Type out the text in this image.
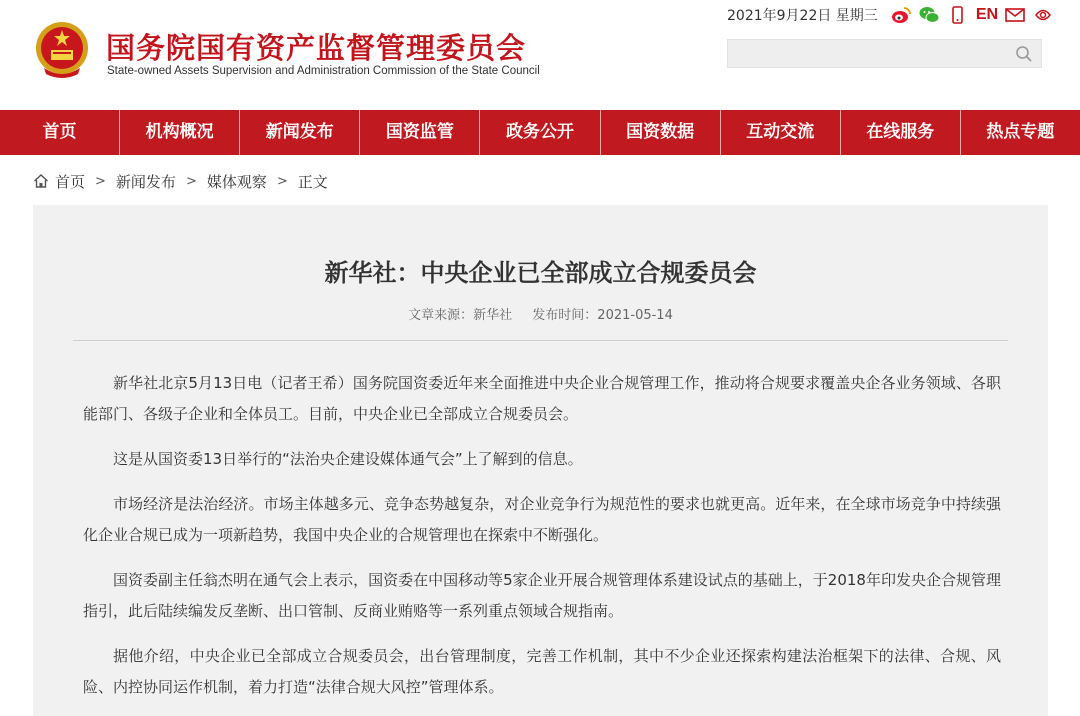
国务院国有资产监督管理委员会
State-owned Assets Supervision and Administration Commission of the State Council
2021年9月22日 星期三	EN
首页	机构概况	新闻发布	国资监管	政务公开	国资数据	互动交流	在线服务	热点专题
首页 > 新闻发布 > 媒体观察 > 正文
新华社：中央企业已全部成立合规委员会
文章来源：新华社 发布时间：2021-05-14

新华社北京5月13日电（记者王希）国务院国资委近年来全面推进中央企业合规管理工作，推动将合规要求覆盖央企各业务领域、各职能部门、各级子企业和全体员工。目前，中央企业已全部成立合规委员会。

这是从国资委13日举行的“法治央企建设媒体通气会”上了解到的信息。

市场经济是法治经济。市场主体越多元、竞争态势越复杂，对企业竞争行为规范性的要求也就更高。近年来，在全球市场竞争中持续强化企业合规已成为一项新趋势，我国中央企业的合规管理也在探索中不断强化。

国资委副主任翁杰明在通气会上表示，国资委在中国移动等5家企业开展合规管理体系建设试点的基础上，于2018年印发央企合规管理指引，此后陆续编发反垄断、出口管制、反商业贿赂等一系列重点领域合规指南。

据他介绍，中央企业已全部成立合规委员会，出台管理制度，完善工作机制，其中不少企业还探索构建法治框架下的法律、合规、风险、内控协同运作机制，着力打造“法律合规大风控”管理体系。
